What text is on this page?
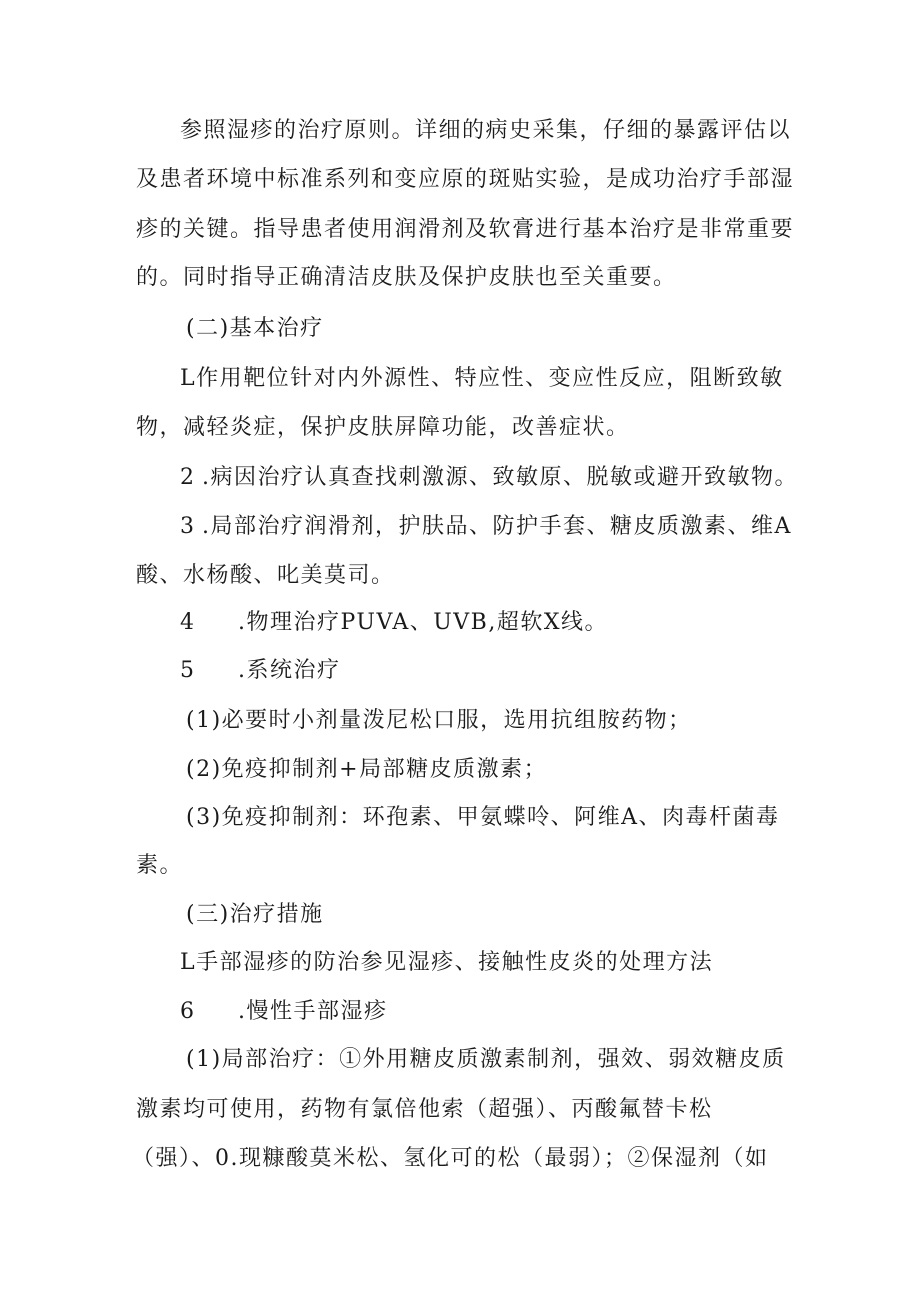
参照湿疹的治疗原则。详细的病史采集，仔细的暴露评估以
及患者环境中标准系列和变应原的斑贴实验，是成功治疗手部湿
疹的关键。指导患者使用润滑剂及软膏进行基本治疗是非常重要
的。同时指导正确清洁皮肤及保护皮肤也至关重要。
(二)基本治疗
L作用靶位针对内外源性、特应性、变应性反应，阻断致敏
物，减轻炎症，保护皮肤屏障功能，改善症状。
2 .病因治疗认真查找刺激源、致敏原、脱敏或避开致敏物。
3 .局部治疗润滑剂，护肤品、防护手套、糖皮质激素、维A
酸、水杨酸、叱美莫司。
4 .物理治疗PUVA、UVB,超软X线。
5 .系统治疗
(1)必要时小剂量泼尼松口服，选用抗组胺药物；
(2)免疫抑制剂+局部糖皮质激素；
(3)免疫抑制剂：环孢素、甲氨蝶呤、阿维A、肉毒杆菌毒
素。
(三)治疗措施
L手部湿疹的防治参见湿疹、接触性皮炎的处理方法
6 .慢性手部湿疹
(1)局部治疗：①外用糖皮质激素制剂，强效、弱效糖皮质
激素均可使用，药物有氯倍他索（超强）、丙酸氟替卡松
（强）、0.现糠酸莫米松、氢化可的松（最弱）；②保湿剂（如
